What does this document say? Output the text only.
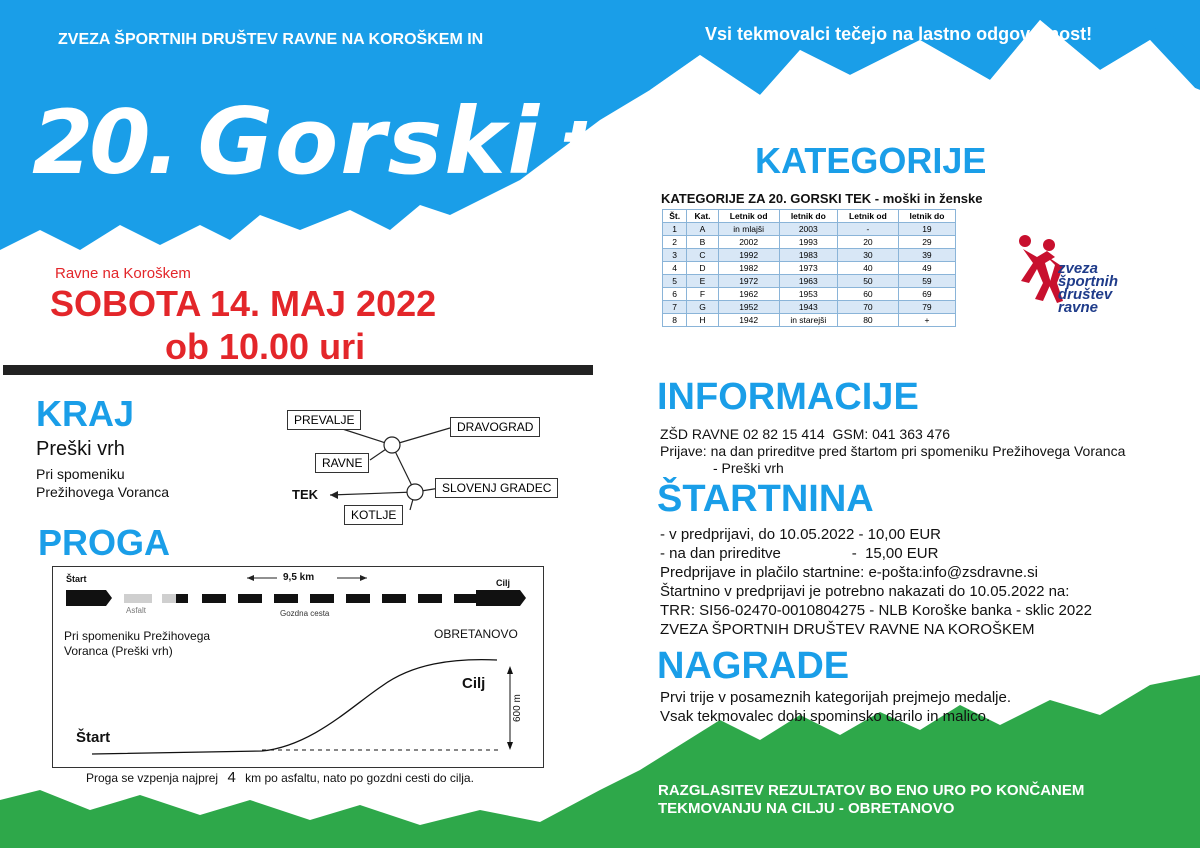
ZVEZA ŠPORTNIH DRUŠTEV RAVNE NA KOROŠKEM IN	Vsi tekmovalci tečejo na lastno odgovornost!
20. Gorski tek
Ravne na Koroškem
SOBOTA 14. MAJ 2022
ob 10.00 uri
KRAJ
Preški vrh
Pri spomeniku
Prežihovega Voranca
PREVALJE	DRAVOGRAD
RAVNE
SLOVENJ GRADEC
KOTLJE
TEK
PROGA
Štart	Cilj
9,5 km
Asfalt	Gozdna cesta
Pri spomeniku Prežihovega
Voranca (Preški vrh)
OBRETANOVO
Cilj
Štart
600 m
Proga se vzpenja najprej 4 km po asfaltu, nato po gozdni cesti do cilja.
KATEGORIJE
KATEGORIJE ZA 20. GORSKI TEK - moški in ženske
Št.	Kat.	Letnik od	letnik do	Letnik od	letnik do
1	A	in mlajši	2003	-	19
2	B	2002	1993	20	29
3	C	1992	1983	30	39
4	D	1982	1973	40	49
5	E	1972	1963	50	59
6	F	1962	1953	60	69
7	G	1952	1943	70	79
8	H	1942	in starejši	80	+
zveza
športnih
društev
ravne
INFORMACIJE
ZŠD RAVNE 02 82 15 414  GSM: 041 363 476
Prijave: na dan prireditve pred štartom pri spomeniku Prežihovega Voranca
- Preški vrh
ŠTARTNINA
- v predprijavi, do 10.05.2022 - 10,00 EUR
- na dan prireditve                 -  15,00 EUR
Predprijave in plačilo startnine: e-pošta:info@zsdravne.si
Štartnino v predprijavi je potrebno nakazati do 10.05.2022 na:
TRR: SI56-02470-0010804275 - NLB Koroške banka - sklic 2022
ZVEZA ŠPORTNIH DRUŠTEV RAVNE NA KOROŠKEM
NAGRADE
Prvi trije v posameznih kategorijah prejmejo medalje.
Vsak tekmovalec dobi spominsko darilo in malico.
RAZGLASITEV REZULTATOV BO ENO URO PO KONČANEM
TEKMOVANJU NA CILJU - OBRETANOVO
